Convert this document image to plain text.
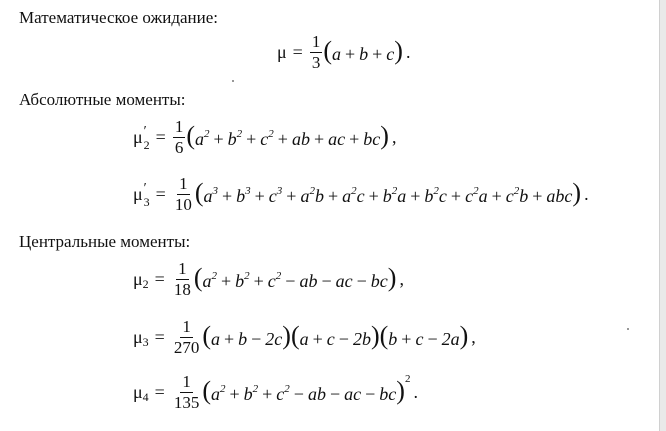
Математическое ожидание:
$\mu = \frac{1}{3} (a + b + c)$ .
Абсолютные моменты:
μ ′
$2 = \frac{1}{6} (a^2 + b^2 + c^2$ + ab + ac + bc) ,
μ ′
$3 = \frac{1}{10} (a^3 + b^3 + c^3 + a^2b + a^2c + b^2a + b^2c + c^2a + c^2b + abc)$ .
Центральные моменты:
μ $2 = \frac{1}{18} (a^2 + b^2 + c^2$ − ab − ac − bc) ,
μ $3 = \frac{1}{270} (a + b - 2c)(a + c - 2b)(b + c - 2a)$ ,
μ $4 = \frac{1}{135} (a^2 + b^2 + c^2$ − ab − ac − bc) 2
.
